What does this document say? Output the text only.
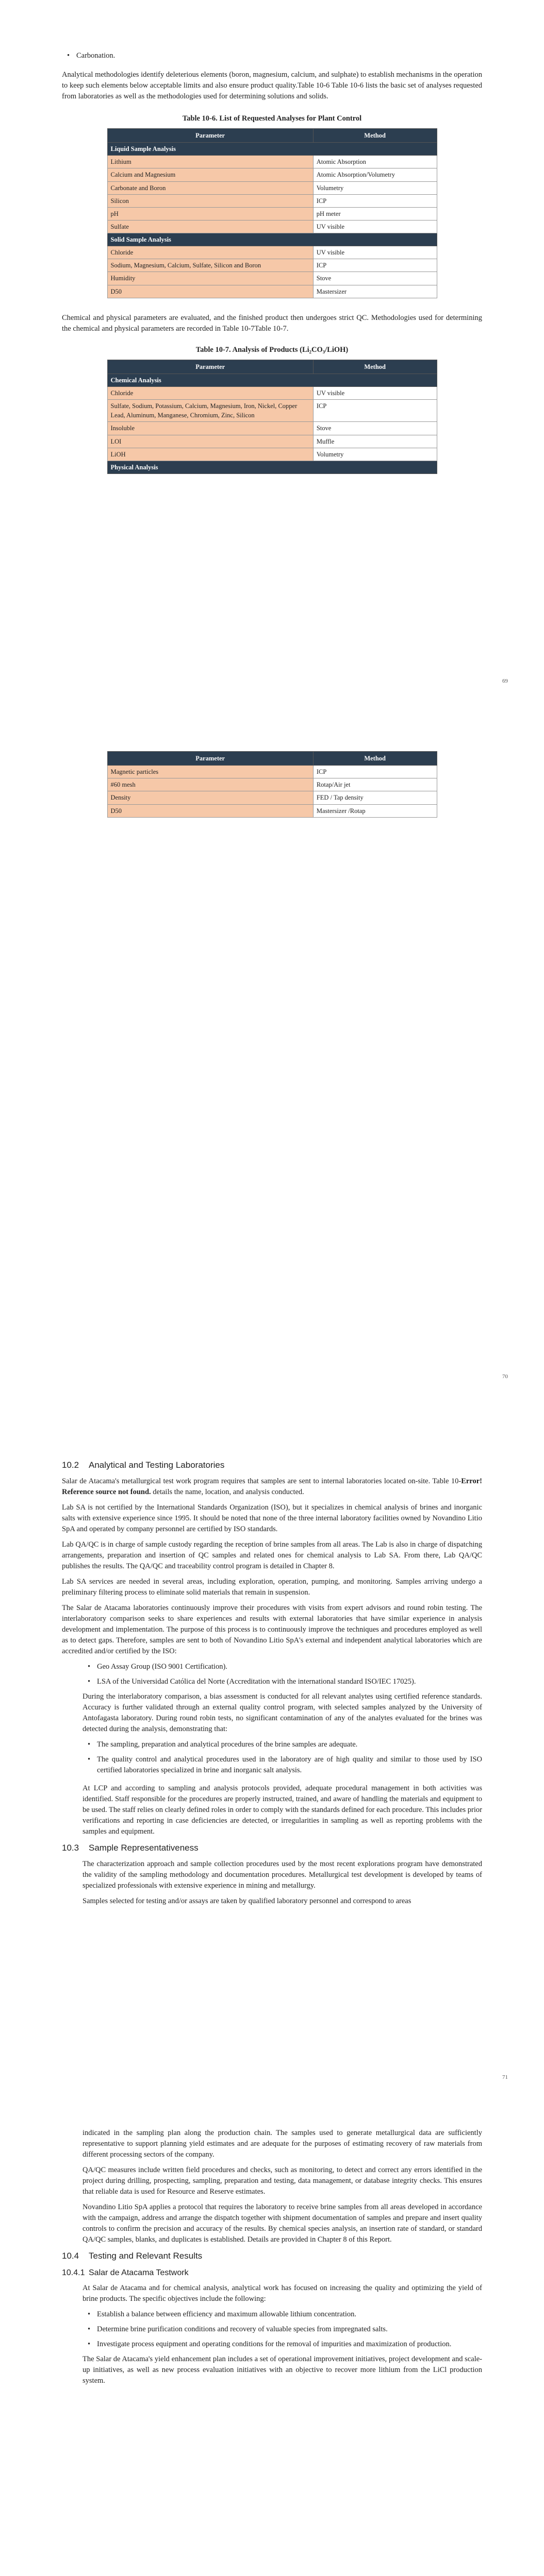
• Carbonation.

Analytical methodologies identify deleterious elements (boron, magnesium, calcium, and sulphate) to establish mechanisms in the operation to keep such elements below acceptable limits and also ensure product quality.Table 10-6 Table 10-6 lists the basic set of analyses requested from laboratories as well as the methodologies used for determining solutions and solids.

Table 10-6. List of Requested Analyses for Plant Control
Parameter	Method
Liquid Sample Analysis	
Lithium	Atomic Absorption
Calcium and Magnesium	Atomic Absorption/Volumetry
Carbonate and Boron	Volumetry
Silicon	ICP
pH	pH meter
Sulfate	UV visible
Solid Sample Analysis	
Chloride	UV visible
Sodium, Magnesium, Calcium, Sulfate, Silicon and Boron	ICP
Humidity	Stove
D50	Mastersizer

Chemical and physical parameters are evaluated, and the finished product then undergoes strict QC. Methodologies used for determining the chemical and physical parameters are recorded in Table 10-7Table 10-7.

Table 10-7. Analysis of Products (Li₂CO₃/LiOH)
Parameter	Method
Chemical Analysis	
Chloride	UV visible
Sulfate, Sodium, Potassium, Calcium, Magnesium, Iron, Nickel, Copper Lead, Aluminum, Manganese, Chromium, Zinc, Silicon	ICP
Insoluble	Stove
LOI	Muffle
LiOH	Volumetry
Physical Analysis	
69
Parameter	Method
Magnetic particles	ICP
#60 mesh	Rotap/Air jet
Density	FED / Tap density
D50	Mastersizer /Rotap
70
10.2 Analytical and Testing Laboratories

Salar de Atacama's metallurgical test work program requires that samples are sent to internal laboratories located on-site. Table 10-Error! Reference source not found. details the name, location, and analysis conducted.

Lab SA is not certified by the International Standards Organization (ISO), but it specializes in chemical analysis of brines and inorganic salts with extensive experience since 1995. It should be noted that none of the three internal laboratory facilities owned by Novandino Litio SpA and operated by company personnel are certified by ISO standards.

Lab QA/QC is in charge of sample custody regarding the reception of brine samples from all areas. The Lab is also in charge of dispatching arrangements, preparation and insertion of QC samples and related ones for chemical analysis to Lab SA. From there, Lab QA/QC publishes the results. The QA/QC and traceability control program is detailed in Chapter 8.

Lab SA services are needed in several areas, including exploration, operation, pumping, and monitoring. Samples arriving undergo a preliminary filtering process to eliminate solid materials that remain in suspension.

The Salar de Atacama laboratories continuously improve their procedures with visits from expert advisors and round robin testing. The interlaboratory comparison seeks to share experiences and results with external laboratories that have similar experience in analysis development and implementation. The purpose of this process is to continuously improve the techniques and procedures employed as well as to detect gaps. Therefore, samples are sent to both of Novandino Litio SpA's external and independent analytical laboratories which are accredited and/or certified by the ISO:

• Geo Assay Group (ISO 9001 Certification).
• LSA of the Universidad Católica del Norte (Accreditation with the international standard ISO/IEC 17025).

During the interlaboratory comparison, a bias assessment is conducted for all relevant analytes using certified reference standards. Accuracy is further validated through an external quality control program, with selected samples analyzed by the University of Antofagasta laboratory. During round robin tests, no significant contamination of any of the analytes evaluated for the brines was detected during the analysis, demonstrating that:

• The sampling, preparation and analytical procedures of the brine samples are adequate.
• The quality control and analytical procedures used in the laboratory are of high quality and similar to those used by ISO certified laboratories specialized in brine and inorganic salt analysis.

At LCP and according to sampling and analysis protocols provided, adequate procedural management in both activities was identified. Staff responsible for the procedures are properly instructed, trained, and aware of handling the materials and equipment to be used. The staff relies on clearly defined roles in order to comply with the standards defined for each procedure. This includes prior verifications and reporting in case deficiencies are detected, or irregularities in sampling as well as reporting problems with the samples and equipment.

10.3 Sample Representativeness

The characterization approach and sample collection procedures used by the most recent explorations program have demonstrated the validity of the sampling methodology and documentation procedures. Metallurgical test development is developed by teams of specialized professionals with extensive experience in mining and metallurgy.

Samples selected for testing and/or assays are taken by qualified laboratory personnel and correspond to areas

71

indicated in the sampling plan along the production chain. The samples used to generate metallurgical data are sufficiently representative to support planning yield estimates and are adequate for the purposes of estimating recovery of raw materials from different processing sectors of the company.

QA/QC measures include written field procedures and checks, such as monitoring, to detect and correct any errors identified in the project during drilling, prospecting, sampling, preparation and testing, data management, or database integrity checks. This ensures that reliable data is used for Resource and Reserve estimates.

Novandino Litio SpA applies a protocol that requires the laboratory to receive brine samples from all areas developed in accordance with the campaign, address and arrange the dispatch together with shipment documentation of samples and prepare and insert quality controls to confirm the precision and accuracy of the results. By chemical species analysis, an insertion rate of standard, or standard QA/QC samples, blanks, and duplicates is established. Details are provided in Chapter 8 of this Report.

10.4 Testing and Relevant Results
10.4.1 Salar de Atacama Testwork

At Salar de Atacama and for chemical analysis, analytical work has focused on increasing the quality and optimizing the yield of brine products. The specific objectives include the following:

• Establish a balance between efficiency and maximum allowable lithium concentration.
• Determine brine purification conditions and recovery of valuable species from impregnated salts.
• Investigate process equipment and operating conditions for the removal of impurities and maximization of production.

The Salar de Atacama's yield enhancement plan includes a set of operational improvement initiatives, project development and scale-up initiatives, as well as new process evaluation initiatives with an objective to recover more lithium from the LiCl production system.
